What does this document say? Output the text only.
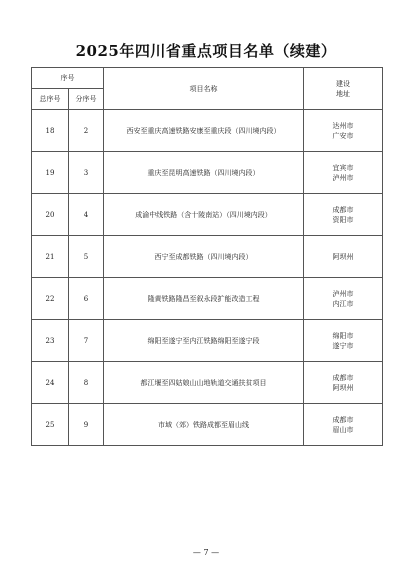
2025年四川省重点项目名单（续建）
序号		项目名称	建设
地址

总序号	分序号		
18	2	西安至重庆高速铁路安康至重庆段（四川境内段）	达州市
广安市

19	3	重庆至昆明高速铁路（四川境内段）	宜宾市
泸州市

20	4	成渝中线铁路（含十陵南站）（四川境内段）	成都市
资阳市

21	5	西宁至成都铁路（四川境内段）	阿坝州

22	6	隆黄铁路隆昌至叙永段扩能改造工程	泸州市
内江市

23	7	绵阳至遂宁至内江铁路绵阳至遂宁段	绵阳市
遂宁市

24	8	都江堰至四姑娘山山地轨道交通扶贫项目	成都市
阿坝州

25	9	市域（郊）铁路成都至眉山线	成都市
眉山市
— 7 —
